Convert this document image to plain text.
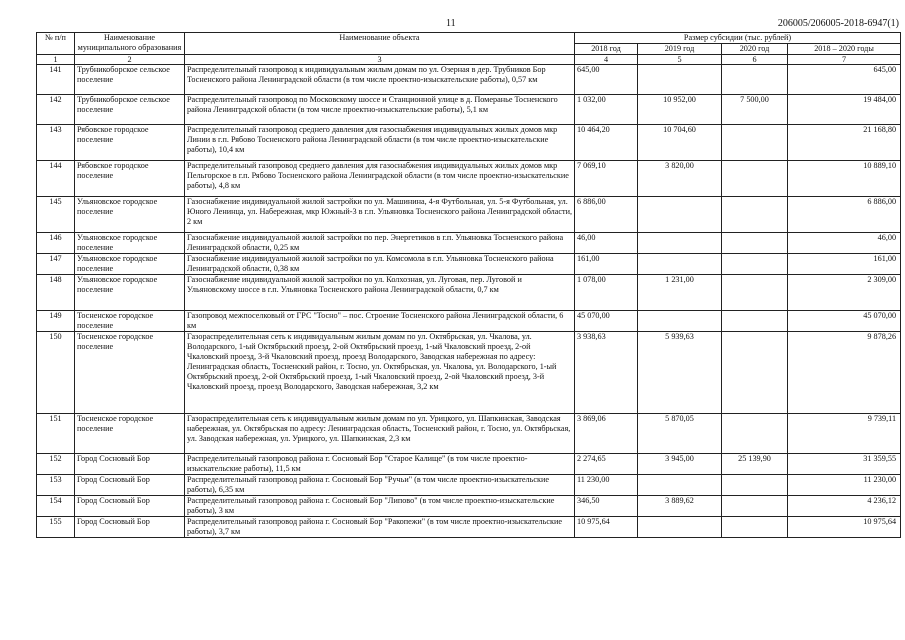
11	206005/206005-2018-6947(1)
№ п/п	Наименование муниципального образования	Наименование объекта	Размер субсидии (тыс. рублей)			
			2018 год	2019 год	2020 год	2018 – 2020 годы
1	2	3	4	5	6	7
141	Трубникоборское сельское поселение	Распределительный газопровод к индивидуальным жилым домам по ул. Озерная в дер. Трубников Бор Тосненского района Ленинградской области (в том числе проектно-изыскательские работы), 0,57 км	645,00			645,00
142	Трубникоборское сельское поселение	Распределительный газопровод по Московскому шоссе и Станционной улице в д. Померанье Тосненского района Ленинградской области (в том числе проектно-изыскательские работы), 5,1 км	1 032,00	10 952,00	7 500,00	19 484,00
143	Рябовское городское поселение	Распределительный газопровод среднего давления для газоснабжения индивидуальных жилых домов мкр Линии в г.п. Рябово Тосненского района Ленинградской области (в том числе проектно-изыскательские работы), 10,4 км	10 464,20	10 704,60		21 168,80
144	Рябовское городское поселение	Распределительный газопровод среднего давления для газоснабжения индивидуальных жилых домов мкр Пельгорское в г.п. Рябово Тосненского района Ленинградской области (в том числе проектно-изыскательские работы), 4,8 км	7 069,10	3 820,00		10 889,10
145	Ульяновское городское поселение	Газоснабжение индивидуальной жилой застройки по ул. Машинина, 4-я Футбольная, ул. 5-я Футбольная, ул. Юного Ленинца, ул. Набережная, мкр Южный-3 в г.п. Ульяновка Тосненского района Ленинградской области, 2 км	6 886,00			6 886,00
146	Ульяновское городское поселение	Газоснабжение индивидуальной жилой застройки по пер. Энергетиков в г.п. Ульяновка Тосненского района Ленинградской области, 0,25 км	46,00			46,00
147	Ульяновское городское поселение	Газоснабжение индивидуальной жилой застройки по ул. Комсомола в г.п. Ульяновка Тосненского района Ленинградской области, 0,38 км	161,00			161,00
148	Ульяновское городское поселение	Газоснабжение индивидуальной жилой застройки по ул. Колхозная, ул. Луговая, пер. Луговой и Ульяновскому шоссе в г.п. Ульяновка Тосненского района Ленинградской области, 0,7 км	1 078,00	1 231,00		2 309,00
149	Тосненское городское поселение	Газопровод межпоселковый от ГРС "Тосно" – пос. Строение Тосненского района Ленинградской области, 6 км	45 070,00			45 070,00
150	Тосненское городское поселение	Газораспределительная сеть к индивидуальным жилым домам по ул. Октябрьская, ул. Чкалова, ул. Володарского, 1-ый Октябрьский проезд, 2-ой Октябрьский проезд, 1-ый Чкаловский проезд, 2-ой Чкаловский проезд, 3-й Чкаловский проезд, проезд Володарского, Заводская набережная по адресу: Ленинградская область, Тосненский район, г. Тосно, ул. Октябрьская, ул. Чкалова, ул. Володарского, 1-ый Октябрьский проезд, 2-ой Октябрьский проезд, 1-ый Чкаловский проезд, 2-ой Чкаловский проезд, 3-й Чкаловский проезд, проезд Володарского, Заводская набережная, 3,2 км	3 938,63	5 939,63		9 878,26
151	Тосненское городское поселение	Газораспределительная сеть к индивидуальным жилым домам по ул. Урицкого, ул. Шапкинская, Заводская набережная, ул. Октябрьская по адресу: Ленинградская область, Тосненский район, г. Тосно, ул. Октябрьская, ул. Заводская набережная, ул. Урицкого, ул. Шапкинская, 2,3 км	3 869,06	5 870,05		9 739,11
152	Город Сосновый Бор	Распределительный газопровод района г. Сосновый Бор "Старое Калище" (в том числе проектно-изыскательские работы), 11,5 км	2 274,65	3 945,00	25 139,90	31 359,55
153	Город Сосновый Бор	Распределительный газопровод района г. Сосновый Бор "Ручьи" (в том числе проектно-изыскательские работы), 6,35 км	11 230,00			11 230,00
154	Город Сосновый Бор	Распределительный газопровод района г. Сосновый Бор "Липово" (в том числе проектно-изыскательские работы), 3 км	346,50	3 889,62		4 236,12
155	Город Сосновый Бор	Распределительный газопровод района г. Сосновый Бор "Ракопежи" (в том числе проектно-изыскательские работы), 3,7 км	10 975,64			10 975,64
